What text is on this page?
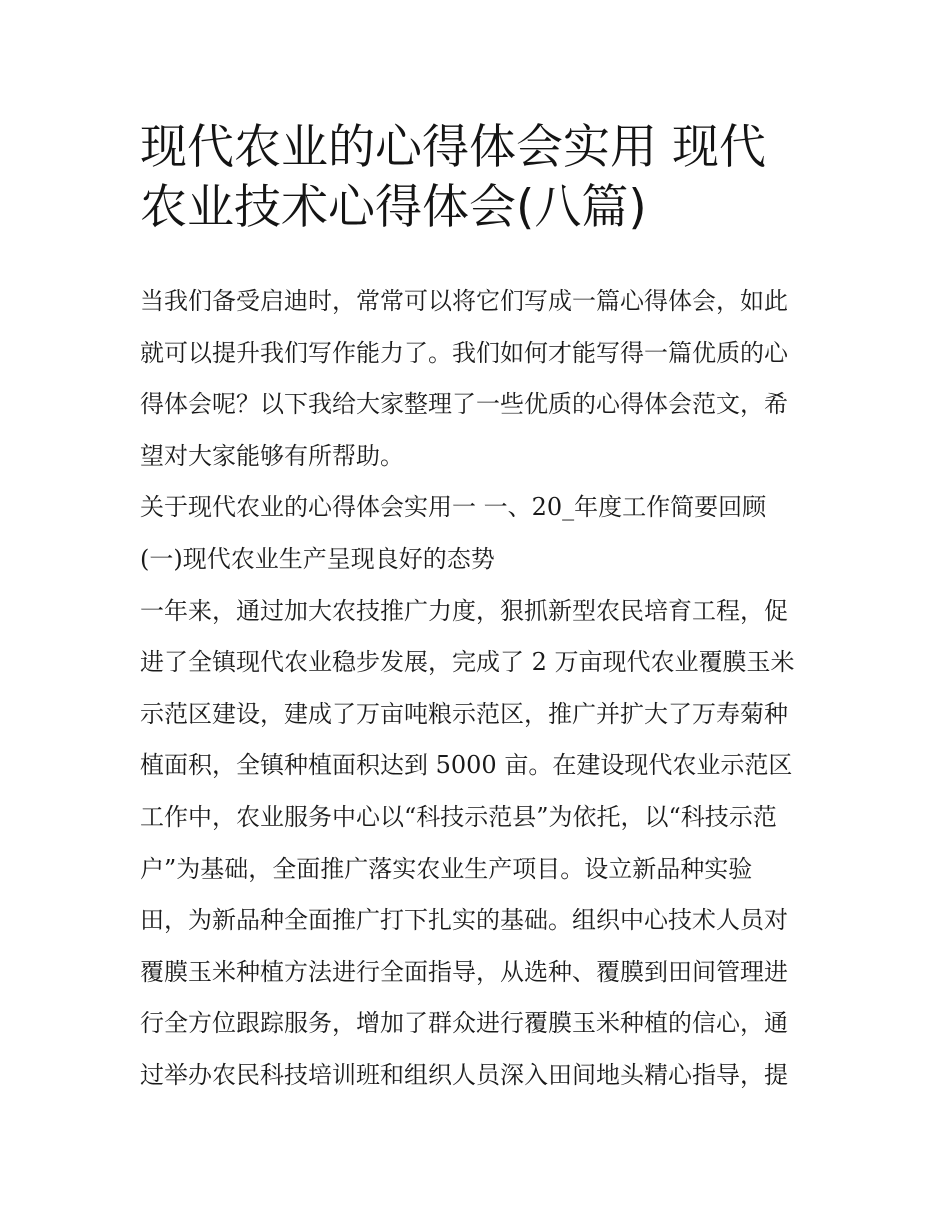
现代农业的心得体会实用 现代
农业技术心得体会(八篇)

当我们备受启迪时，常常可以将它们写成一篇心得体会，如此
就可以提升我们写作能力了。我们如何才能写得一篇优质的心
得体会呢？以下我给大家整理了一些优质的心得体会范文，希
望对大家能够有所帮助。

关于现代农业的心得体会实用一 一、20_年度工作简要回顾

(一)现代农业生产呈现良好的态势

一年来，通过加大农技推广力度，狠抓新型农民培育工程，促
进了全镇现代农业稳步发展，完成了 2 万亩现代农业覆膜玉米
示范区建设，建成了万亩吨粮示范区，推广并扩大了万寿菊种
植面积，全镇种植面积达到 5000 亩。在建设现代农业示范区
工作中，农业服务中心以“科技示范县”为依托，以“科技示范
户”为基础，全面推广落实农业生产项目。设立新品种实验
田，为新品种全面推广打下扎实的基础。组织中心技术人员对
覆膜玉米种植方法进行全面指导，从选种、覆膜到田间管理进
行全方位跟踪服务，增加了群众进行覆膜玉米种植的信心，通
过举办农民科技培训班和组织人员深入田间地头精心指导，提
